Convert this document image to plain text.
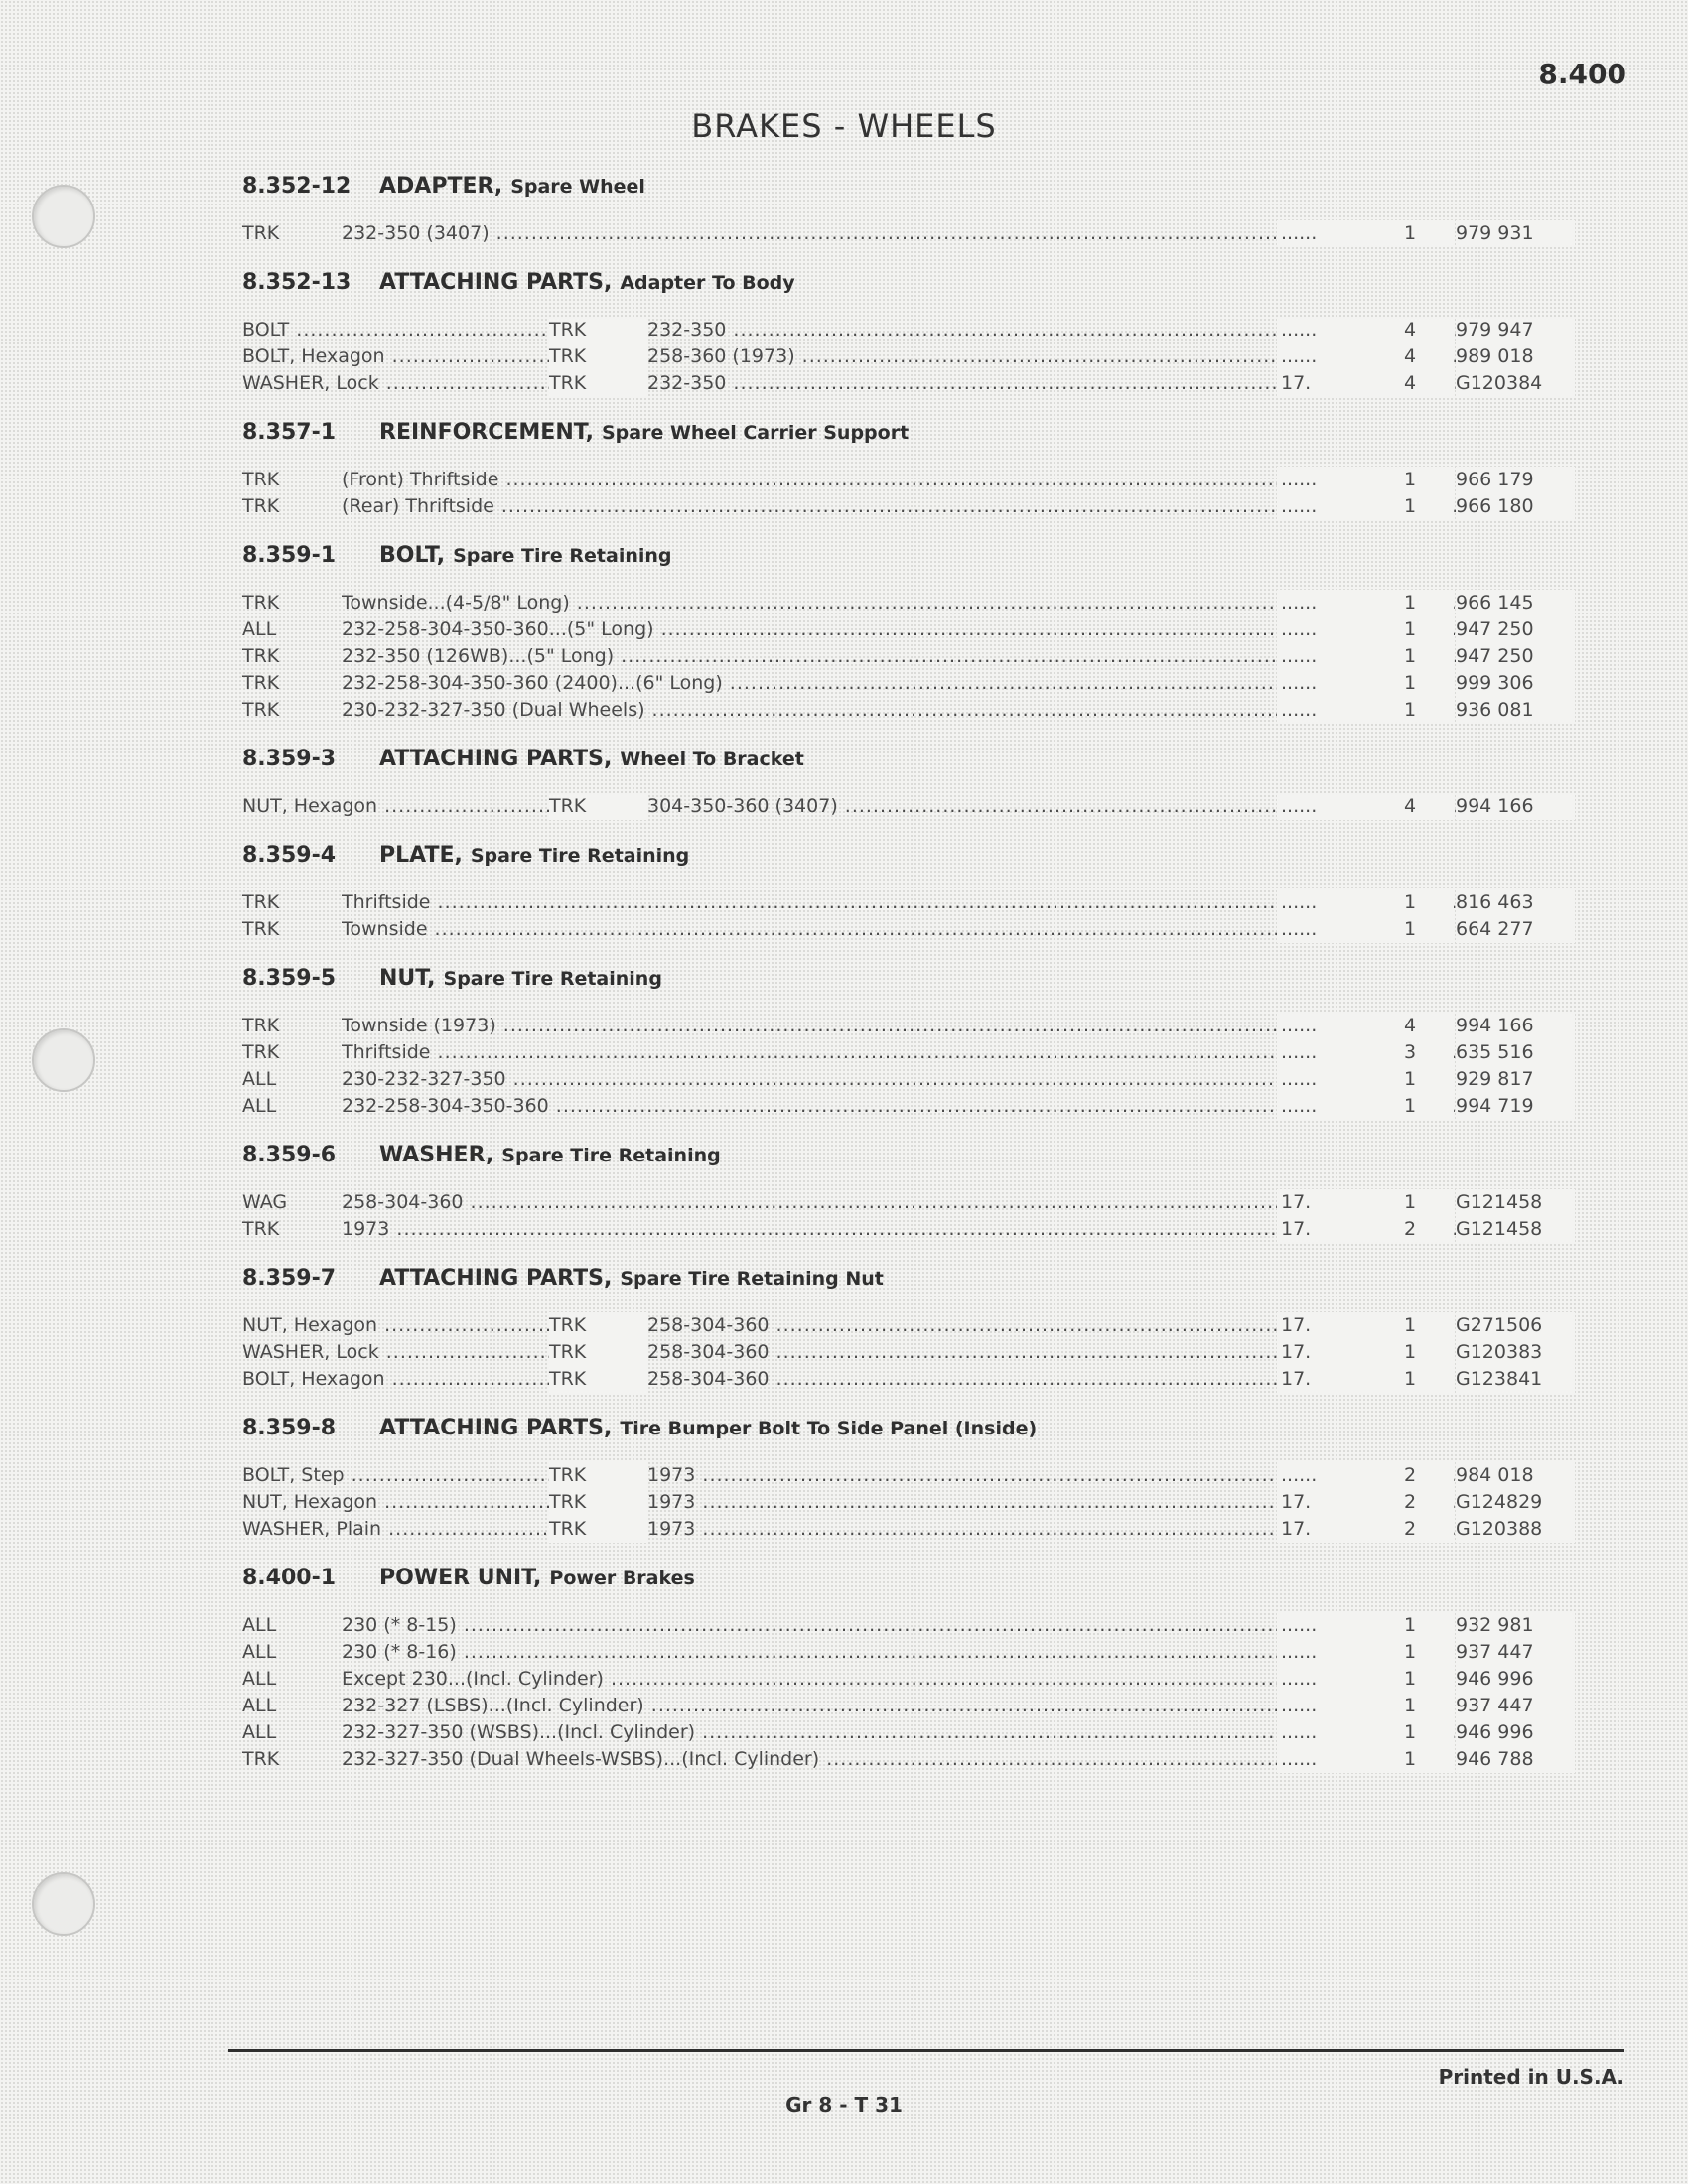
8.400
BRAKES - WHEELS
8.352-12 ADAPTER, Spare Wheel
TRK	232-350 (3407) .....	......	1	979 931
8.352-13 ATTACHING PARTS, Adapter To Body
BOLT .....	TRK	232-350 .....	......	4	979 947
BOLT, Hexagon .....	TRK	258-360 (1973) .....	......	4	989 018
WASHER, Lock .....	TRK	232-350 .....	17.	4	G120384
8.357-1 REINFORCEMENT, Spare Wheel Carrier Support
TRK	(Front) Thriftside .....	......	1	966 179
TRK	(Rear) Thriftside .....	......	1	966 180
8.359-1 BOLT, Spare Tire Retaining
TRK	Townside...(4-5/8" Long) .....	......	1	966 145
ALL	232-258-304-350-360...(5" Long) .....	......	1	947 250
TRK	232-350 (126WB)...(5" Long) .....	......	1	947 250
TRK	232-258-304-350-360 (2400)...(6" Long) .....	......	1	999 306
TRK	230-232-327-350 (Dual Wheels) .....	......	1	936 081
8.359-3 ATTACHING PARTS, Wheel To Bracket
NUT, Hexagon .....	TRK	304-350-360 (3407) .....	......	4	994 166
8.359-4 PLATE, Spare Tire Retaining
TRK	Thriftside .....	......	1	816 463
TRK	Townside .....	......	1	664 277
8.359-5 NUT, Spare Tire Retaining
TRK	Townside (1973) .....	......	4	994 166
TRK	Thriftside .....	......	3	635 516
ALL	230-232-327-350 .....	......	1	929 817
ALL	232-258-304-350-360 .....	......	1	994 719
8.359-6 WASHER, Spare Tire Retaining
WAG	258-304-360 .....	17.	1	G121458
TRK	1973 .....	17.	2	G121458
8.359-7 ATTACHING PARTS, Spare Tire Retaining Nut
NUT, Hexagon .....	TRK	258-304-360 .....	17.	1	G271506
WASHER, Lock .....	TRK	258-304-360 .....	17.	1	G120383
BOLT, Hexagon .....	TRK	258-304-360 .....	17.	1	G123841
8.359-8 ATTACHING PARTS, Tire Bumper Bolt To Side Panel (Inside)
BOLT, Step .....	TRK	1973 .....	......	2	984 018
NUT, Hexagon .....	TRK	1973 .....	17.	2	G124829
WASHER, Plain .....	TRK	1973 .....	17.	2	G120388
8.400-1 POWER UNIT, Power Brakes
ALL	230 (* 8-15) .....	......	1	932 981
ALL	230 (* 8-16) .....	......	1	937 447
ALL	Except 230...(Incl. Cylinder) .....	......	1	946 996
ALL	232-327 (LSBS)...(Incl. Cylinder) .....	......	1	937 447
ALL	232-327-350 (WSBS)...(Incl. Cylinder) .....	......	1	946 996
TRK	232-327-350 (Dual Wheels-WSBS)...(Incl. Cylinder) .....	......	1	946 788
Printed in U.S.A.
Gr 8 - T 31
